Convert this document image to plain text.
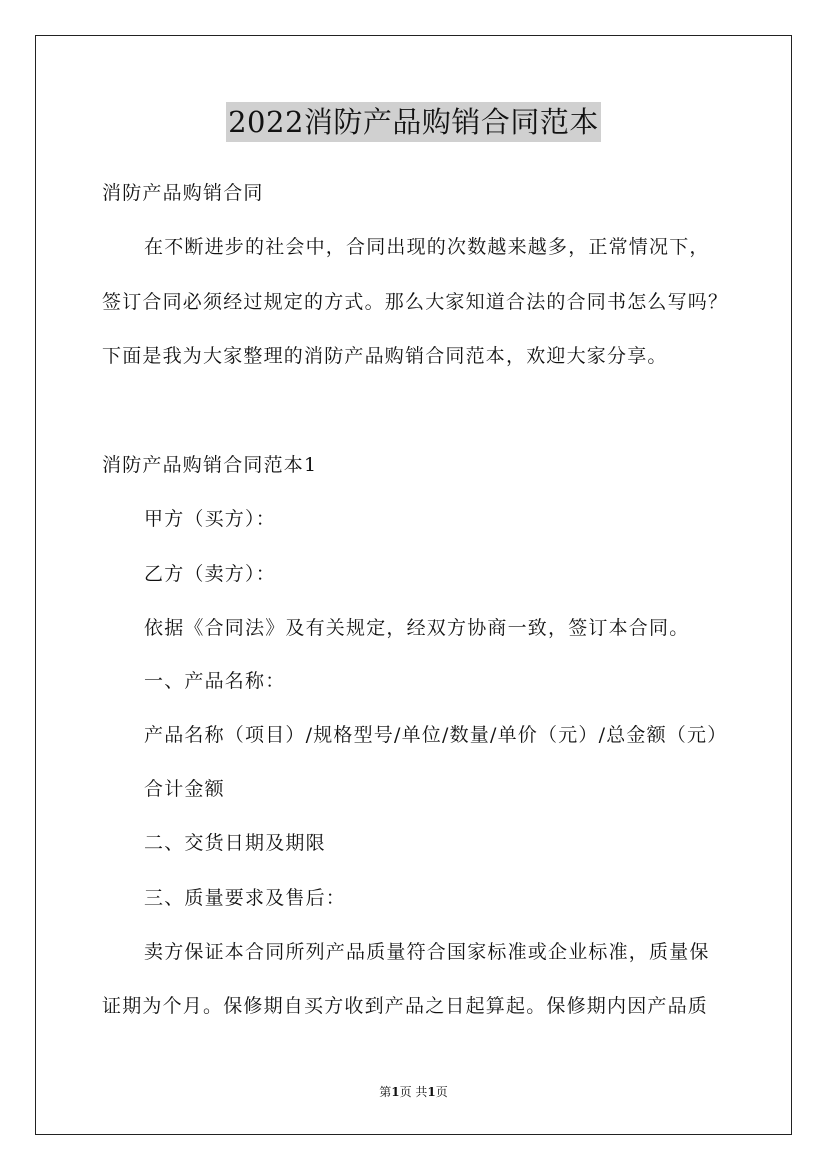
2022消防产品购销合同范本
消防产品购销合同
在不断进步的社会中，合同出现的次数越来越多，正常情况下，
签订合同必须经过规定的方式。那么大家知道合法的合同书怎么写吗？
下面是我为大家整理的消防产品购销合同范本，欢迎大家分享。
消防产品购销合同范本1
甲方（买方）：
乙方（卖方）：
依据《合同法》及有关规定，经双方协商一致，签订本合同。
一、产品名称：
产品名称（项目）/规格型号/单位/数量/单价（元）/总金额（元）
合计金额
二、交货日期及期限
三、质量要求及售后：
卖方保证本合同所列产品质量符合国家标准或企业标准，质量保
证期为个月。保修期自买方收到产品之日起算起。保修期内因产品质
第1页 共1页
